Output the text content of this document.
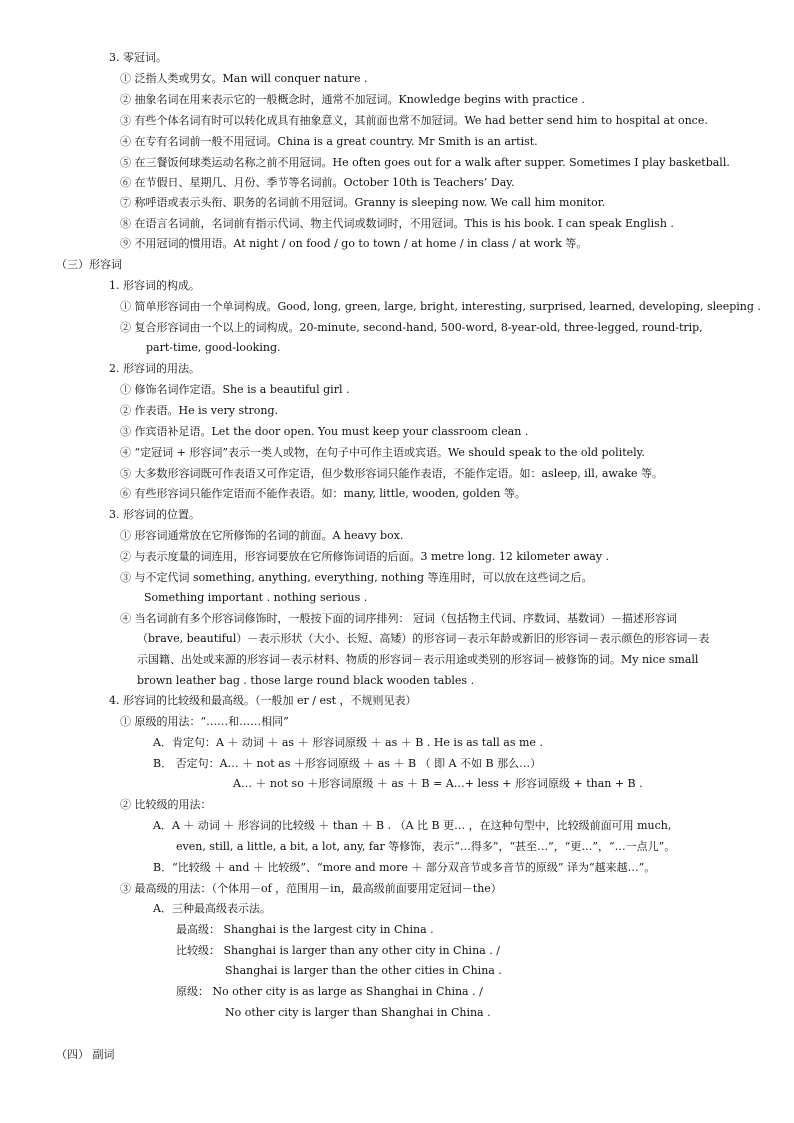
3. 零冠词。
ⓛ 泛指人类或男女。Man will conquer nature .
② 抽象名词在用来表示它的一般概念时，通常不加冠词。Knowledge begins with practice .
③ 有些个体名词有时可以转化成具有抽象意义，其前面也常不加冠词。We had better send him to hospital at once.
④ 在专有名词前一般不用冠词。China is a great country. Mr Smith is an artist.
⑤ 在三餐饭何球类运动名称之前不用冠词。He often goes out for a walk after supper. Sometimes I play basketball.
⑥ 在节假日、星期几、月份、季节等名词前。October 10th is Teachers’ Day.
⑦ 称呼语或表示头衔、职务的名词前不用冠词。Granny is sleeping now. We call him monitor.
⑧ 在语言名词前，名词前有指示代词、物主代词或数词时，不用冠词。This is his book. I can speak English .
⑨ 不用冠词的惯用语。At night / on food / go to town / at home / in class / at work 等。
（三）形容词
1. 形容词的构成。
ⓛ 简单形容词由一个单词构成。Good, long, green, large, bright, interesting, surprised, learned, developing, sleeping .
② 复合形容词由一个以上的词构成。20-minute, second-hand, 500-word, 8-year-old, three-legged, round-trip,
part-time, good-looking.
2. 形容词的用法。
ⓛ 修饰名词作定语。She is a beautiful girl .
② 作表语。He is very strong.
③ 作宾语补足语。Let the door open. You must keep your classroom clean .
④ “定冠词 + 形容词”表示一类人或物，在句子中可作主语或宾语。We should speak to the old politely.
⑤ 大多数形容词既可作表语又可作定语，但少数形容词只能作表语，不能作定语。如：asleep, ill, awake 等。
⑥ 有些形容词只能作定语而不能作表语。如：many, little, wooden, golden 等。
3. 形容词的位置。
ⓛ 形容词通常放在它所修饰的名词的前面。A heavy box.
② 与表示度量的词连用，形容词要放在它所修饰词语的后面。3 metre long. 12 kilometer away .
③ 与不定代词 something, anything, everything, nothing 等连用时，可以放在这些词之后。
Something important . nothing serious .
④ 当名词前有多个形容词修饰时，一般按下面的词序排列： 冠词（包括物主代词、序数词、基数词）－描述形容词
（brave, beautiful）－表示形状（大小、长短、高矮）的形容词－表示年龄或新旧的形容词－表示颜色的形容词－表
示国籍、出处或来源的形容词－表示材料、物质的形容词－表示用途或类别的形容词－被修饰的词。My nice small
brown leather bag . those large round black wooden tables .
4. 形容词的比较级和最高级。（一般加 er / est ，不规则见表）
ⓛ 原级的用法：“……和……相同”
A．肯定句：A ＋ 动词 ＋ as ＋ 形容词原级 ＋ as ＋ B . He is as tall as me .
B． 否定句：A… ＋ not as ＋形容词原级 ＋ as ＋ B （ 即 A 不如 B 那么…）
A… ＋ not so ＋形容词原级 ＋ as ＋ B = A…+ less + 形容词原级 + than + B .
② 比较级的用法：
A．A ＋ 动词 ＋ 形容词的比较级 ＋ than ＋ B . （A 比 B 更… ，在这种句型中，比较级前面可用 much,
even, still, a little, a bit, a lot, any, far 等修饰，表示“…得多”，“甚至…”，“更…”，“…一点儿”。
B．“比较级 ＋ and ＋ 比较级”、“more and more ＋ 部分双音节或多音节的原级” 译为“越来越…”。
③ 最高级的用法：（个体用－of ，范围用－in，最高级前面要用定冠词－the）
A．三种最高级表示法。
最高级： Shanghai is the largest city in China .
比较级： Shanghai is larger than any other city in China . /
Shanghai is larger than the other cities in China .
原级： No other city is as large as Shanghai in China . /
No other city is larger than Shanghai in China .
（四） 副词
